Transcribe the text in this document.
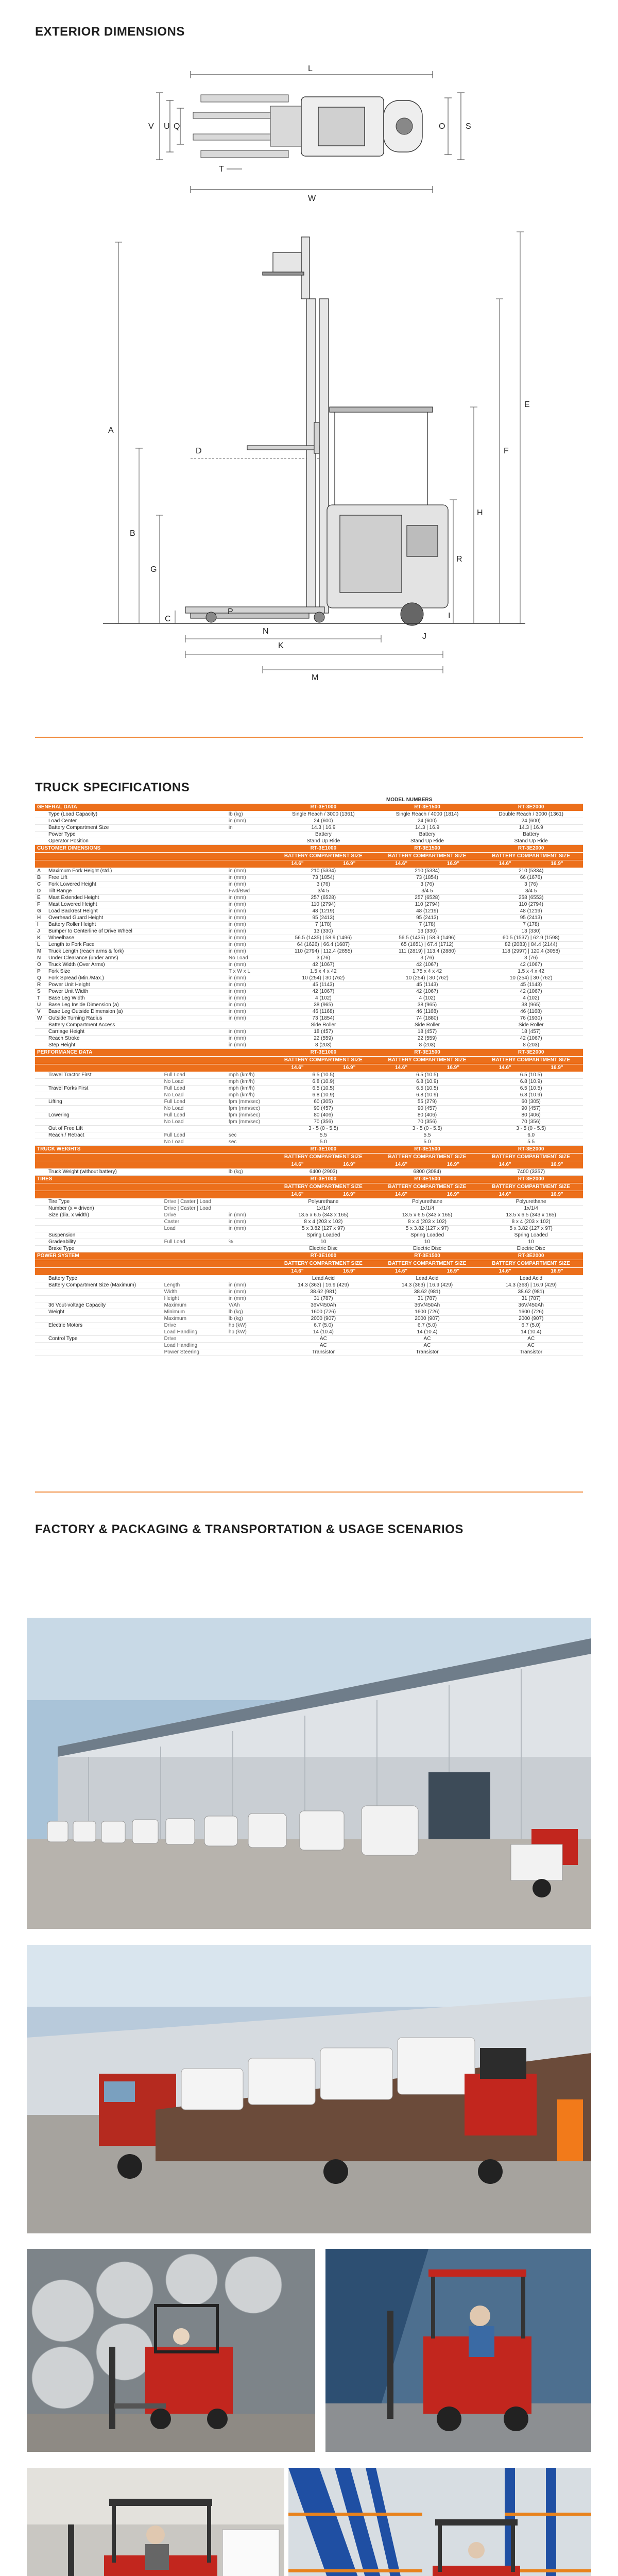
EXTERIOR DIMENSIONS
L
V U Q	O S
T
W
A
B
G
C
D
E
F
H
R
P
K
M
N
I
J
TRUCK SPECIFICATIONS
MODEL NUMBERS
GENERAL DATA				RT-3E1000		RT-3E1500		RT-3E2000	
	Type (Load Capacity)		lb (kg)	Single Reach / 3000 (1361)		Single Reach / 4000 (1814)		Double Reach / 3000 (1361)	
	Load Center		in (mm)	24 (600)		24 (600)		24 (600)	
	Battery Compartment Size		in	14.3 | 16.9		14.3 | 16.9		14.3 | 16.9	
	Power Type			Battery		Battery		Battery	
	Operator Position			Stand Up Ride		Stand Up Ride		Stand Up Ride	
CUSTOMER DIMENSIONS				RT-3E1000		RT-3E1500		RT-3E2000	
				BATTERY COMPARTMENT SIZE		BATTERY COMPARTMENT SIZE		BATTERY COMPARTMENT SIZE	
				14.6"	16.9"	14.6"	16.9"	14.6"	16.9"
A	Maximum Fork Height (std.)		in (mm)	210 (5334)		210 (5334)		210 (5334)	
B	Free Lift		in (mm)	73 (1854)		73 (1854)		66 (1676)	
C	Fork Lowered Height		in (mm)	3 (76)		3 (76)		3 (76)	
D	Tilt Range		Fwd/Bwd	3/4 5		3/4 5		3/4 5	
E	Mast Extended Height		in (mm)	257 (6528)		257 (6528)		258 (6553)	
F	Mast Lowered Height		in (mm)	110 (2794)		110 (2794)		110 (2794)	
G	Load Backrest Height		in (mm)	48 (1219)		48 (1219)		48 (1219)	
H	Overhead Guard Height		in (mm)	95 (2413)		95 (2413)		95 (2413)	
I	Battery Roller Height		in (mm)	7 (178)		7 (178)		7 (178)	
J	Bumper to Centerline of Drive Wheel		in (mm)	13 (330)		13 (330)		13 (330)	
K	Wheelbase		in (mm)	56.5 (1435) | 58.9 (1496)		56.5 (1435) | 58.9 (1496)		60.5 (1537) | 62.9 (1598)	
L	Length to Fork Face		in (mm)	64 (1626) | 66.4 (1687)		65 (1651) | 67.4 (1712)		82 (2083) | 84.4 (2144)	
M	Truck Length (reach arms & fork)		in (mm)	110 (2794) | 112.4 (2855)		111 (2819) | 113.4 (2880)		118 (2997) | 120.4 (3058)	
N	Under Clearance (under arms)		No Load	3 (76)		3 (76)		3 (76)	
O	Truck Width (Over Arms)		in (mm)	42 (1067)		42 (1067)		42 (1067)	
P	Fork Size		T x W x L	1.5 x 4 x 42		1.75 x 4 x 42		1.5 x 4 x 42	
Q	Fork Spread (Min./Max.)		in (mm)	10 (254) | 30 (762)		10 (254) | 30 (762)		10 (254) | 30 (762)	
R	Power Unit Height		in (mm)	45 (1143)		45 (1143)		45 (1143)	
S	Power Unit Width		in (mm)	42 (1067)		42 (1067)		42 (1067)	
T	Base Leg Width		in (mm)	4 (102)		4 (102)		4 (102)	
U	Base Leg Inside Dimension (a)		in (mm)	38 (965)		38 (965)		38 (965)	
V	Base Leg Outside Dimension (a)		in (mm)	46 (1168)		46 (1168)		46 (1168)	
W	Outside Turning Radius		in (mm)	73 (1854)		74 (1880)		76 (1930)	
	Battery Compartment Access			Side Roller		Side Roller		Side Roller	
	Carriage Height		in (mm)	18 (457)		18 (457)		18 (457)	
	Reach Stroke		in (mm)	22 (559)		22 (559)		42 (1067)	
	Step Height		in (mm)	8 (203)		8 (203)		8 (203)	
PERFORMANCE DATA				RT-3E1000		RT-3E1500		RT-3E2000	
				BATTERY COMPARTMENT SIZE		BATTERY COMPARTMENT SIZE		BATTERY COMPARTMENT SIZE	
				14.6"	16.9"	14.6"	16.9"	14.6"	16.9"
	Travel Tractor First	Full Load	mph (km/h)	6.5 (10.5)		6.5 (10.5)		6.5 (10.5)	
		No Load	mph (km/h)	6.8 (10.9)		6.8 (10.9)		6.8 (10.9)	
	Travel Forks First	Full Load	mph (km/h)	6.5 (10.5)		6.5 (10.5)		6.5 (10.5)	
		No Load	mph (km/h)	6.8 (10.9)		6.8 (10.9)		6.8 (10.9)	
	Lifting	Full Load	fpm (mm/sec)	60 (305)		55 (279)		60 (305)	
		No Load	fpm (mm/sec)	90 (457)		90 (457)		90 (457)	
	Lowering	Full Load	fpm (mm/sec)	80 (406)		80 (406)		80 (406)	
		No Load	fpm (mm/sec)	70 (356)		70 (356)		70 (356)	
	Out of Free Lift			3 - 5 (0 - 5.5)		3 - 5 (0 - 5.5)		3 - 5 (0 - 5.5)	
	Reach / Retract	Full Load	sec	5.5		5.5		6.0	
		No Load	sec	5.0		5.0		5.5	
TRUCK WEIGHTS				RT-3E1000		RT-3E1500		RT-3E2000	
				BATTERY COMPARTMENT SIZE		BATTERY COMPARTMENT SIZE		BATTERY COMPARTMENT SIZE	
				14.6"	16.9"	14.6"	16.9"	14.6"	16.9"
	Truck Weight (without battery)		lb (kg)	6400 (2903)		6800 (3084)		7400 (3357)	
TIRES				RT-3E1000		RT-3E1500		RT-3E2000	
				BATTERY COMPARTMENT SIZE		BATTERY COMPARTMENT SIZE		BATTERY COMPARTMENT SIZE	
				14.6"	16.9"	14.6"	16.9"	14.6"	16.9"
	Tire Type	Drive | Caster | Load		Polyurethane		Polyurethane		Polyurethane	
	Number (x = driven)	Drive | Caster | Load		1x/1/4		1x/1/4		1x/1/4	
	Size (dia. x width)	Drive	in (mm)	13.5 x 6.5 (343 x 165)		13.5 x 6.5 (343 x 165)		13.5 x 6.5 (343 x 165)	
		Caster	in (mm)	8 x 4 (203 x 102)		8 x 4 (203 x 102)		8 x 4 (203 x 102)	
		Load	in (mm)	5 x 3.82 (127 x 97)		5 x 3.82 (127 x 97)		5 x 3.82 (127 x 97)	
	Suspension			Spring Loaded		Spring Loaded		Spring Loaded	
	Gradeability	Full Load	%	10		10		10	
	Brake Type			Electric Disc		Electric Disc		Electric Disc	
POWER SYSTEM				RT-3E1000		RT-3E1500		RT-3E2000	
				BATTERY COMPARTMENT SIZE		BATTERY COMPARTMENT SIZE		BATTERY COMPARTMENT SIZE	
				14.6"	16.9"	14.6"	16.9"	14.6"	16.9"
	Battery Type			Lead Acid		Lead Acid		Lead Acid	
	Battery Compartment Size (Maximum)	Length	in (mm)	14.3 (363) | 16.9 (429)		14.3 (363) | 16.9 (429)		14.3 (363) | 16.9 (429)	
		Width	in (mm)	38.62 (981)		38.62 (981)		38.62 (981)	
		Height	in (mm)	31 (787)		31 (787)		31 (787)	
	36 Vout-voltage Capacity	Maximum	V/Ah	36V/450Ah		36V/450Ah		36V/450Ah	
	Weight	Minimum	lb (kg)	1600 (726)		1600 (726)		1600 (726)	
		Maximum	lb (kg)	2000 (907)		2000 (907)		2000 (907)	
	Electric Motors	Drive	hp (kW)	6.7 (5.0)		6.7 (5.0)		6.7 (5.0)	
		Load Handling	hp (kW)	14 (10.4)		14 (10.4)		14 (10.4)	
	Control Type	Drive		AC		AC		AC	
		Load Handling		AC		AC		AC	
		Power Steering		Transistor		Transistor		Transistor	
FACTORY & PACKAGING & TRANSPORTATION & USAGE SCENARIOS
